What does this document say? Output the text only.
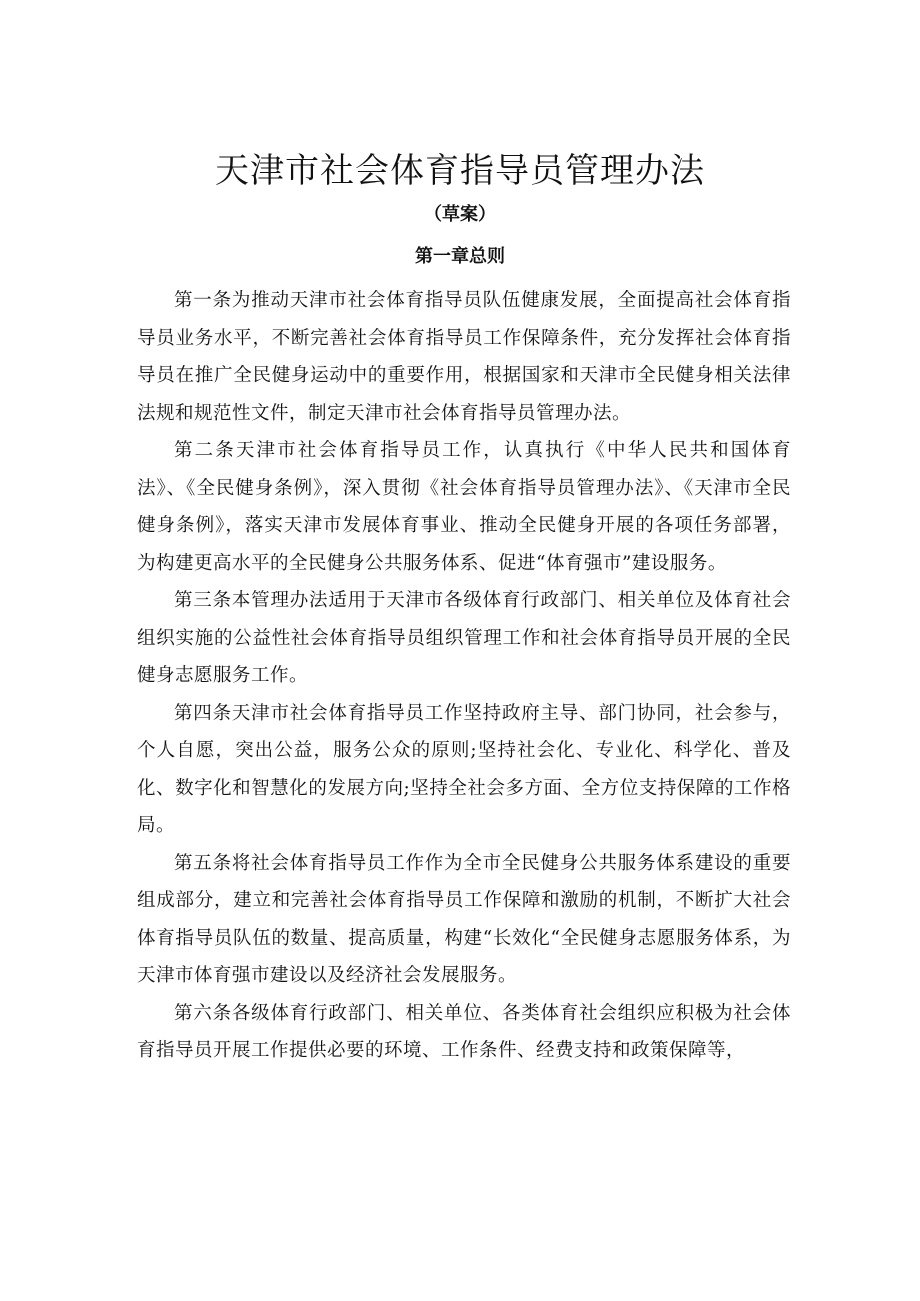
天津市社会体育指导员管理办法
（草案）
第一章总则

第一条为推动天津市社会体育指导员队伍健康发展，全面提高社会体育指导员业务水平，不断完善社会体育指导员工作保障条件，充分发挥社会体育指导员在推广全民健身运动中的重要作用，根据国家和天津市全民健身相关法律法规和规范性文件，制定天津市社会体育指导员管理办法。

第二条天津市社会体育指导员工作，认真执行《中华人民共和国体育法》、《全民健身条例》，深入贯彻《社会体育指导员管理办法》、《天津市全民健身条例》，落实天津市发展体育事业、推动全民健身开展的各项任务部署，为构建更高水平的全民健身公共服务体系、促进“体育强市”建设服务。

第三条本管理办法适用于天津市各级体育行政部门、相关单位及体育社会组织实施的公益性社会体育指导员组织管理工作和社会体育指导员开展的全民健身志愿服务工作。

第四条天津市社会体育指导员工作坚持政府主导、部门协同，社会参与，个人自愿，突出公益，服务公众的原则;坚持社会化、专业化、科学化、普及化、数字化和智慧化的发展方向;坚持全社会多方面、全方位支持保障的工作格局。

第五条将社会体育指导员工作作为全市全民健身公共服务体系建设的重要组成部分，建立和完善社会体育指导员工作保障和激励的机制，不断扩大社会体育指导员队伍的数量、提高质量，构建“长效化“全民健身志愿服务体系，为天津市体育强市建设以及经济社会发展服务。

第六条各级体育行政部门、相关单位、各类体育社会组织应积极为社会体育指导员开展工作提供必要的环境、工作条件、经费支持和政策保障等，
